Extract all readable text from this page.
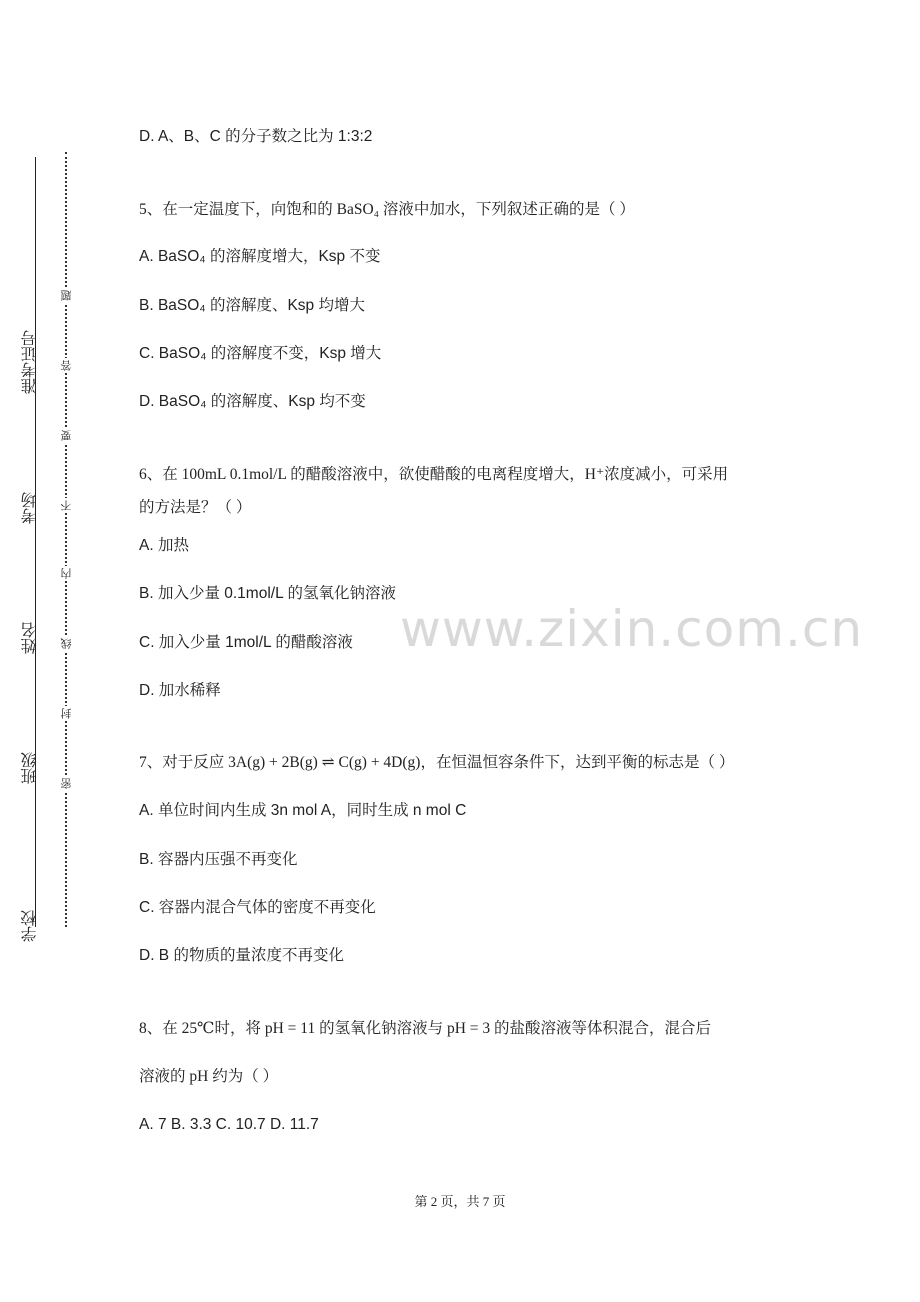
准考证号
考场
姓名
班级
学校
题
答
要
不
内
线
封
密
www.zixin.com.cn
D. A、B、C 的分子数之比为 1:3:2
5、在一定温度下，向饱和的 BaSO₄ 溶液中加水，下列叙述正确的是（ ）
A. BaSO₄ 的溶解度增大，Ksp 不变
B. BaSO₄ 的溶解度、Ksp 均增大
C. BaSO₄ 的溶解度不变，Ksp 增大
D. BaSO₄ 的溶解度、Ksp 均不变
6、在 100mL 0.1mol/L 的醋酸溶液中，欲使醋酸的电离程度增大，H⁺浓度减小，可采用
的方法是？（ ）
A. 加热
B. 加入少量 0.1mol/L 的氢氧化钠溶液
C. 加入少量 1mol/L 的醋酸溶液
D. 加水稀释
7、对于反应 3A(g) + 2B(g) ⇌ C(g) + 4D(g)，在恒温恒容条件下，达到平衡的标志是（ ）
A. 单位时间内生成 3n mol A，同时生成 n mol C
B. 容器内压强不再变化
C. 容器内混合气体的密度不再变化
D. B 的物质的量浓度不再变化
8、在 25℃时，将 pH = 11 的氢氧化钠溶液与 pH = 3 的盐酸溶液等体积混合，混合后
溶液的 pH 约为（ ）
A. 7 B. 3.3 C. 10.7 D. 11.7
第 2 页，共 7 页
